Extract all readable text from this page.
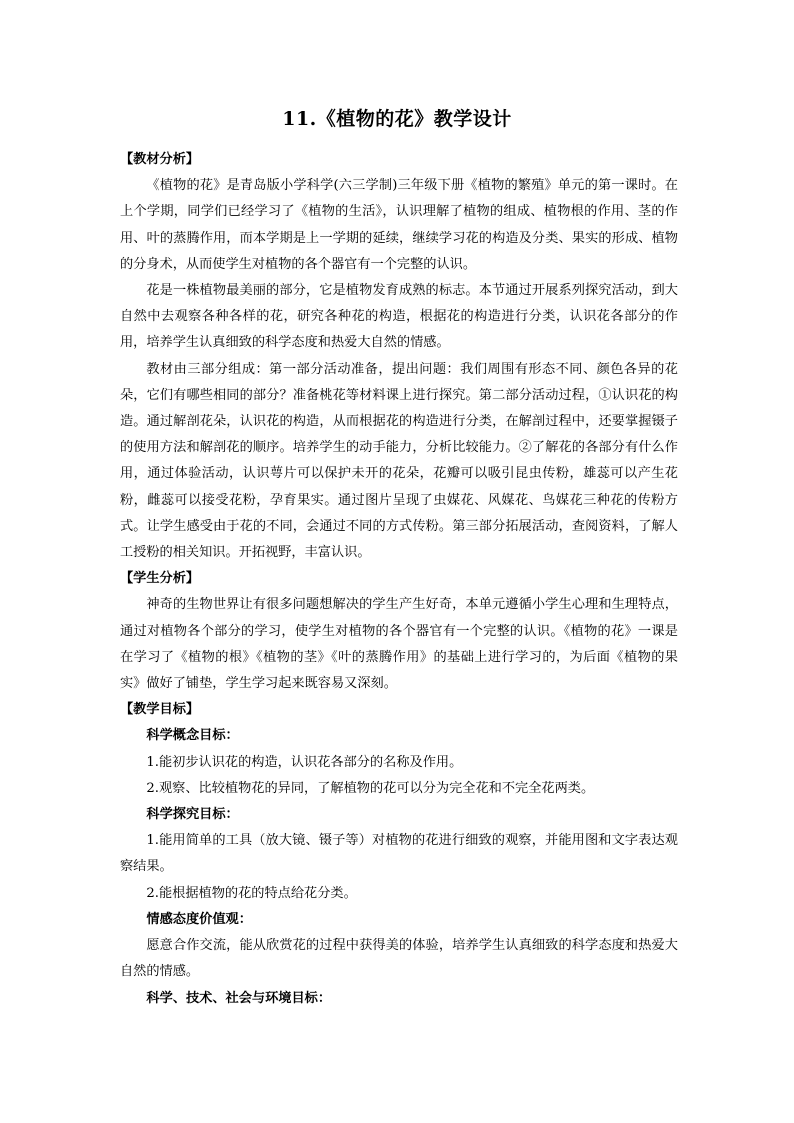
11.《植物的花》教学设计

【教材分析】

《植物的花》是青岛版小学科学(六三学制)三年级下册《植物的繁殖》单元的第一课时。在上个学期，同学们已经学习了《植物的生活》，认识理解了植物的组成、植物根的作用、茎的作用、叶的蒸腾作用，而本学期是上一学期的延续，继续学习花的构造及分类、果实的形成、植物的分身术，从而使学生对植物的各个器官有一个完整的认识。

花是一株植物最美丽的部分，它是植物发育成熟的标志。本节通过开展系列探究活动，到大自然中去观察各种各样的花，研究各种花的构造，根据花的构造进行分类，认识花各部分的作用，培养学生认真细致的科学态度和热爱大自然的情感。

教材由三部分组成：第一部分活动准备，提出问题：我们周围有形态不同、颜色各异的花朵，它们有哪些相同的部分？准备桃花等材料课上进行探究。第二部分活动过程，①认识花的构造。通过解剖花朵，认识花的构造，从而根据花的构造进行分类，在解剖过程中，还要掌握镊子的使用方法和解剖花的顺序。培养学生的动手能力，分析比较能力。②了解花的各部分有什么作用，通过体验活动，认识萼片可以保护未开的花朵，花瓣可以吸引昆虫传粉，雄蕊可以产生花粉，雌蕊可以接受花粉，孕育果实。通过图片呈现了虫媒花、风媒花、鸟媒花三种花的传粉方式。让学生感受由于花的不同，会通过不同的方式传粉。第三部分拓展活动，查阅资料，了解人工授粉的相关知识。开拓视野，丰富认识。

【学生分析】

神奇的生物世界让有很多问题想解决的学生产生好奇，本单元遵循小学生心理和生理特点，通过对植物各个部分的学习，使学生对植物的各个器官有一个完整的认识。《植物的花》一课是在学习了《植物的根》《植物的茎》《叶的蒸腾作用》的基础上进行学习的，为后面《植物的果实》做好了铺垫，学生学习起来既容易又深刻。

【教学目标】

科学概念目标：

1.能初步认识花的构造，认识花各部分的名称及作用。

2.观察、比较植物花的异同，了解植物的花可以分为完全花和不完全花两类。

科学探究目标：

1.能用简单的工具（放大镜、镊子等）对植物的花进行细致的观察，并能用图和文字表达观察结果。

2.能根据植物的花的特点给花分类。

情感态度价值观：

愿意合作交流，能从欣赏花的过程中获得美的体验，培养学生认真细致的科学态度和热爱大自然的情感。

科学、技术、社会与环境目标：
